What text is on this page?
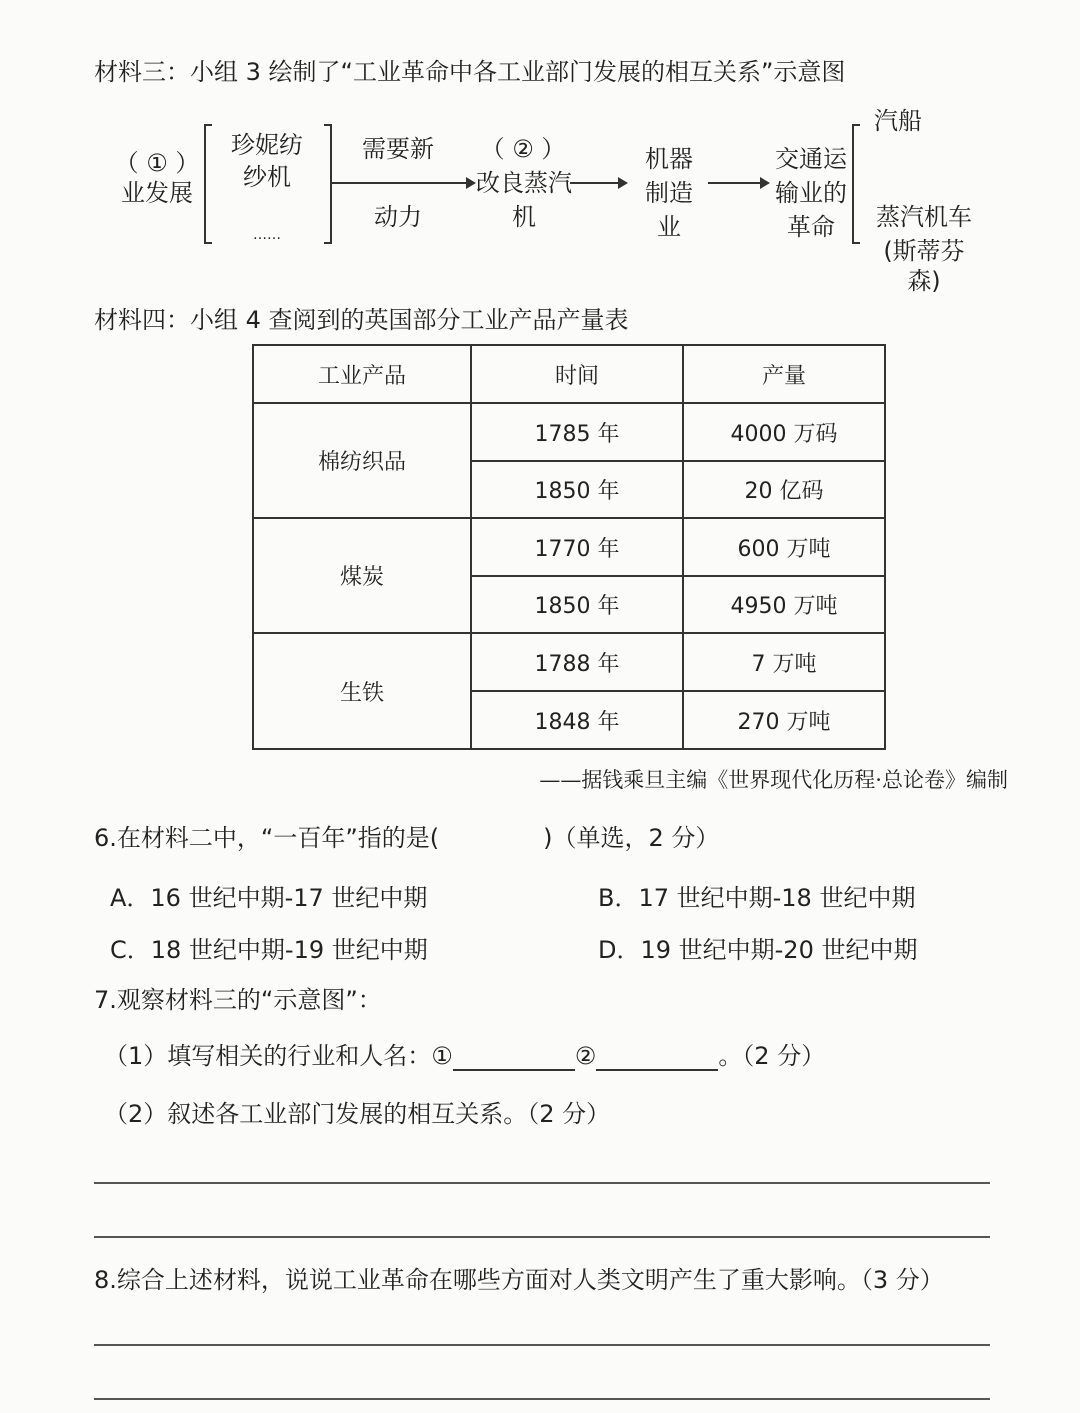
材料三：小组 3 绘制了“工业革命中各工业部门发展的相互关系”示意图
（ ① ）
业发展
珍妮纺
纱机
……
需要新
动力
（ ② ）
改良蒸汽
机
机器
制造
业
交通运
输业的
革命
汽船
蒸汽机车
(斯蒂芬森)
材料四：小组 4 查阅到的英国部分工业产品产量表
工业产品	时间	产量
棉纺织品	1785 年	4000 万码
	1850 年	20 亿码
煤炭	1770 年	600 万吨
	1850 年	4950 万吨
生铁	1788 年	7 万吨
	1848 年	270 万吨
——据钱乘旦主编《世界现代化历程·总论卷》编制
6.在材料二中，“一百年”指的是(	)（单选，2 分）
A．16 世纪中期-17 世纪中期	B．17 世纪中期-18 世纪中期
C．18 世纪中期-19 世纪中期	D．19 世纪中期-20 世纪中期
7.观察材料三的“示意图”：
（1）填写相关的行业和人名：①	②	。（2 分）
（2）叙述各工业部门发展的相互关系。（2 分）
8.综合上述材料，说说工业革命在哪些方面对人类文明产生了重大影响。（3 分）
